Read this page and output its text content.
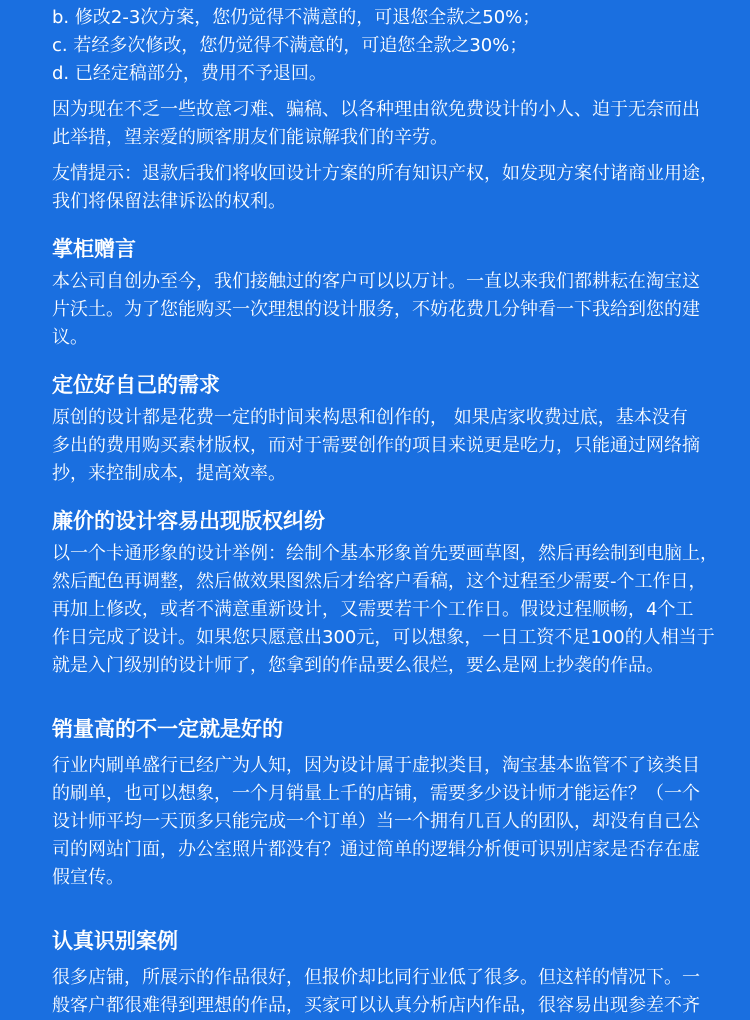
b. 修改2-3次方案，您仍觉得不满意的，可退您全款之50%；
c. 若经多次修改，您仍觉得不满意的，可追您全款之30%；
d. 已经定稿部分，费用不予退回。
因为现在不乏一些故意刁难、骗稿、以各种理由欲免费设计的小人、迫于无奈而出
此举措，望亲爱的顾客朋友们能谅解我们的辛劳。
友情提示：退款后我们将收回设计方案的所有知识产权，如发现方案付诸商业用途，
我们将保留法律诉讼的权利。
掌柜赠言
本公司自创办至今，我们接触过的客户可以以万计。一直以来我们都耕耘在淘宝这
片沃土。为了您能购买一次理想的设计服务，不妨花费几分钟看一下我给到您的建
议。
定位好自己的需求
原创的设计都是花费一定的时间来构思和创作的， 如果店家收费过底，基本没有
多出的费用购买素材版权，而对于需要创作的项目来说更是吃力，只能通过网络摘
抄，来控制成本，提高效率。
廉价的设计容易出现版权纠纷
以一个卡通形象的设计举例：绘制个基本形象首先要画草图，然后再绘制到电脑上，
然后配色再调整，然后做效果图然后才给客户看稿，这个过程至少需要-个工作日，
再加上修改，或者不满意重新设计，又需要若干个工作日。假设过程顺畅，4个工
作日完成了设计。如果您只愿意出300元，可以想象，一日工资不足100的人相当于
就是入门级别的设计师了，您拿到的作品要么很烂，要么是网上抄袭的作品。
销量高的不一定就是好的
行业内刷单盛行已经广为人知，因为设计属于虚拟类目，淘宝基本监管不了该类目
的刷单，也可以想象，一个月销量上千的店铺，需要多少设计师才能运作？（一个
设计师平均一天顶多只能完成一个订单）当一个拥有几百人的团队，却没有自己公
司的网站门面，办公室照片都没有？通过简单的逻辑分析便可识别店家是否存在虚
假宣传。
认真识别案例
很多店铺，所展示的作品很好，但报价却比同行业低了很多。但这样的情况下。一
般客户都很难得到理想的作品，买家可以认真分析店内作品，很容易出现参差不齐
